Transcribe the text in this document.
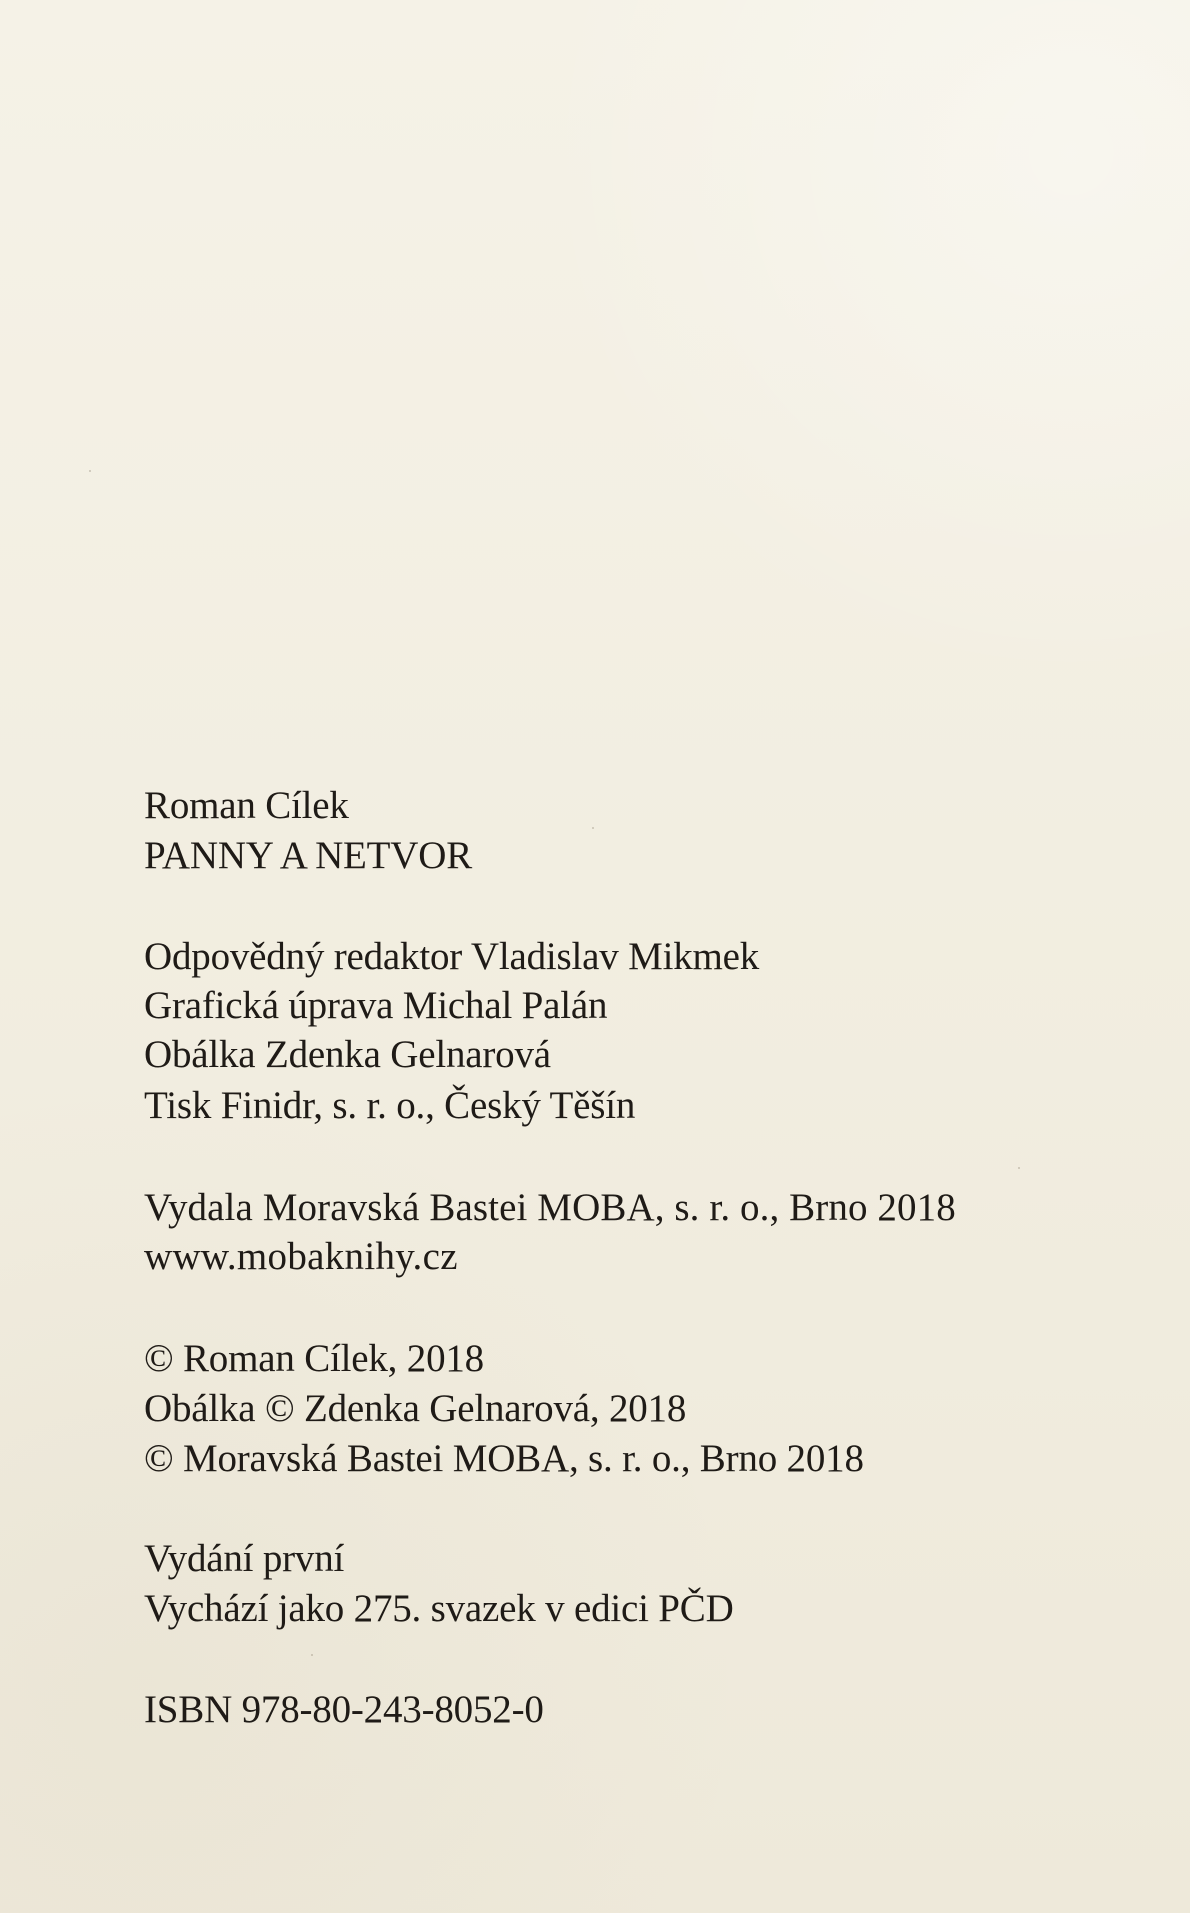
Roman Cílek

PANNY A NETVOR

Odpovědný redaktor Vladislav Mikmek

Grafická úprava Michal Palán

Obálka Zdenka Gelnarová

Tisk Finidr, s. r. o., Český Těšín

Vydala Moravská Bastei MOBA, s. r. o., Brno 2018

www.mobaknihy.cz

© Roman Cílek, 2018

Obálka © Zdenka Gelnarová, 2018

© Moravská Bastei MOBA, s. r. o., Brno 2018

Vydání první

Vychází jako 275. svazek v edici PČD

ISBN 978-80-243-8052-0
